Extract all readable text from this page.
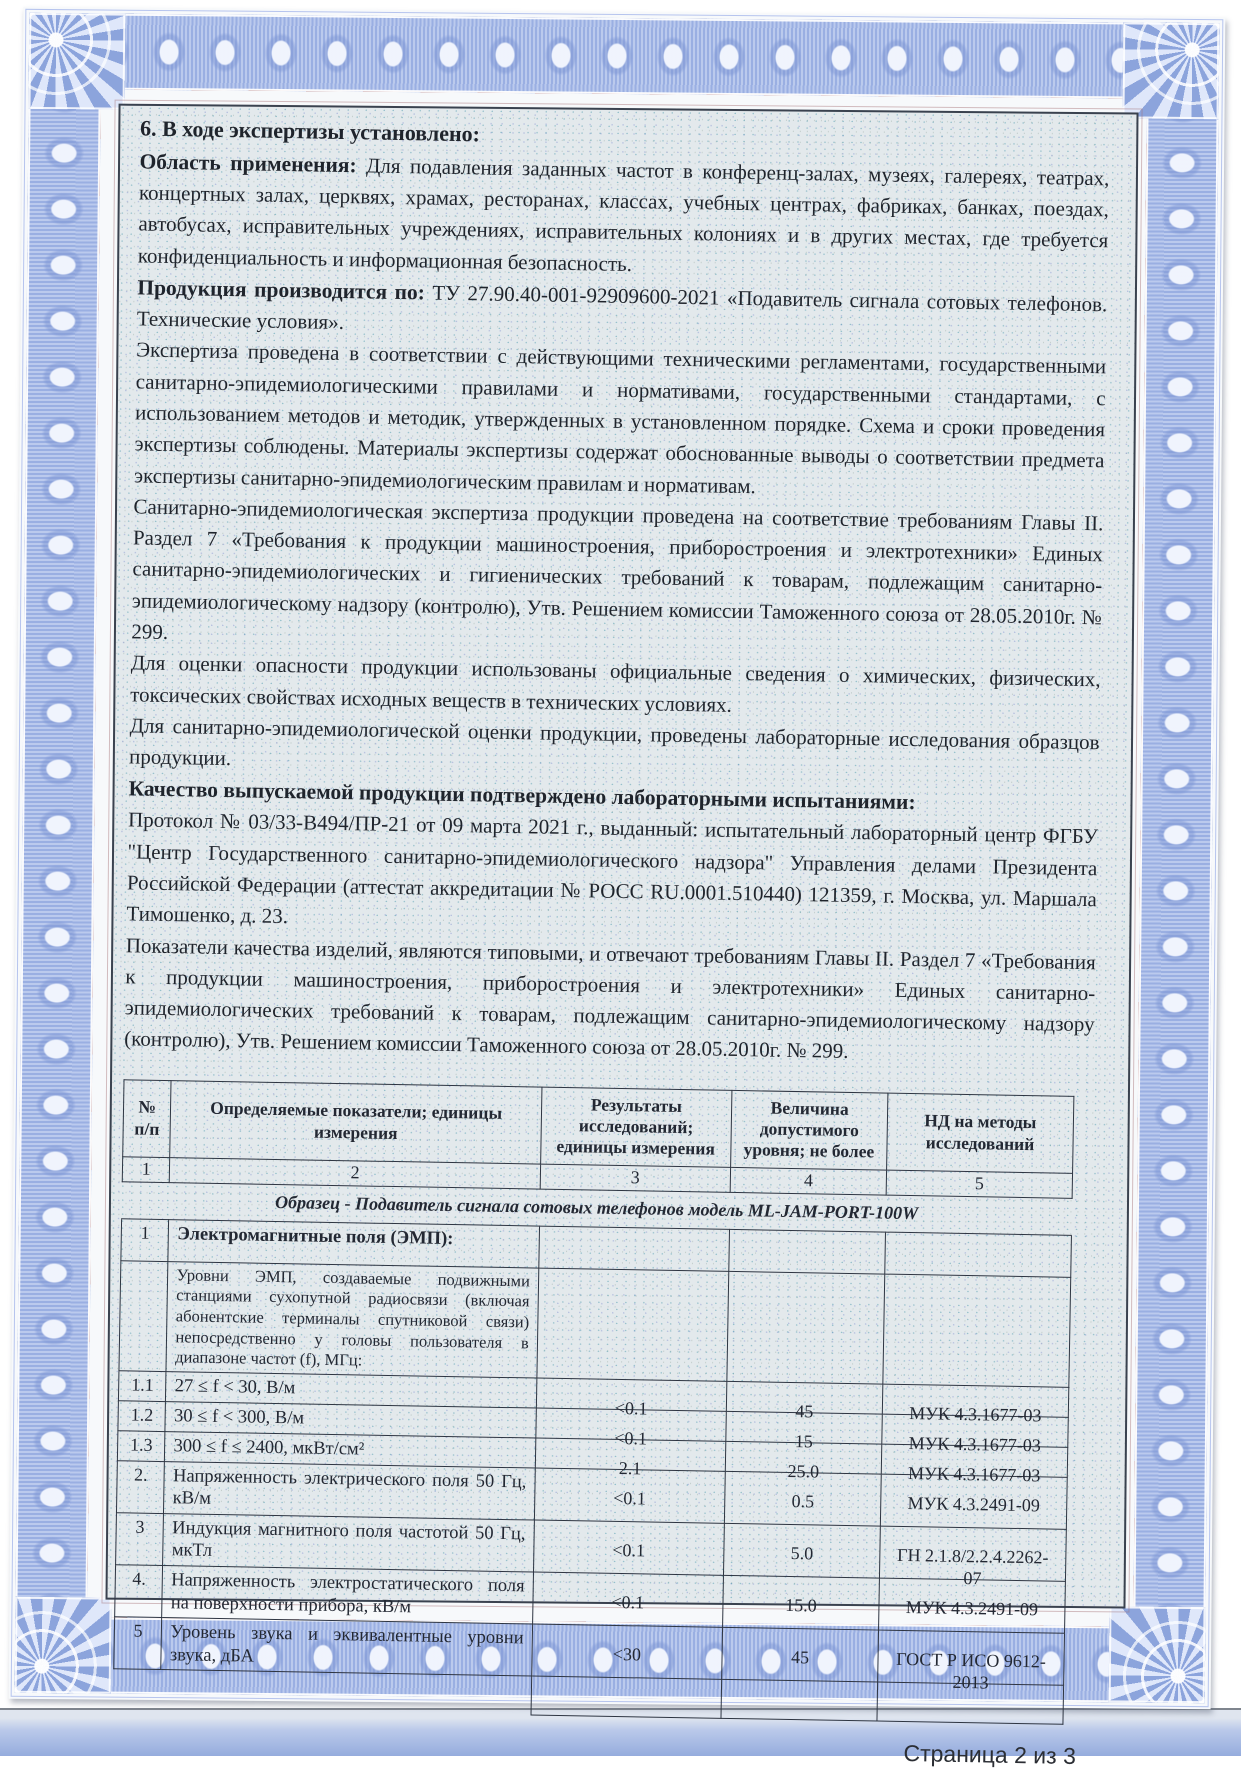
6. В ходе экспертизы установлено:

Область применения: Для подавления заданных частот в конференц-залах, музеях, галереях, театрах, концертных залах, церквях, храмах, ресторанах, классах, учебных центрах, фабриках, банках, поездах, автобусах, исправительных учреждениях, исправительных колониях и в других местах, где требуется конфиденциальность и информационная безопасность.

Продукция производится по: ТУ 27.90.40-001-92909600-2021 «Подавитель сигнала сотовых телефонов. Технические условия».

Экспертиза проведена в соответствии с действующими техническими регламентами, государственными санитарно-эпидемиологическими правилами и нормативами, государственными стандартами, с использованием методов и методик, утвержденных в установленном порядке. Схема и сроки проведения экспертизы соблюдены. Материалы экспертизы содержат обоснованные выводы о соответствии предмета экспертизы санитарно-эпидемиологическим правилам и нормативам.

Санитарно-эпидемиологическая экспертиза продукции проведена на соответствие требованиям Главы II. Раздел 7 «Требования к продукции машиностроения, приборостроения и электротехники» Единых санитарно-эпидемиологических и гигиенических требований к товарам, подлежащим санитарно-эпидемиологическому надзору (контролю), Утв. Решением комиссии Таможенного союза от 28.05.2010г. № 299.

Для оценки опасности продукции использованы официальные сведения о химических, физических, токсических свойствах исходных веществ в технических условиях.

Для санитарно-эпидемиологической оценки продукции, проведены лабораторные исследования образцов продукции.

Качество выпускаемой продукции подтверждено лабораторными испытаниями:

Протокол № 03/33-В494/ПР-21 от 09 марта 2021 г., выданный: испытательный лабораторный центр ФГБУ "Центр Государственного санитарно-эпидемиологического надзора" Управления делами Президента Российской Федерации (аттестат аккредитации № РОСС RU.0001.510440) 121359, г. Москва, ул. Маршала Тимошенко, д. 23.

Показатели качества изделий, являются типовыми, и отвечают требованиям Главы II. Раздел 7 «Требования к продукции машиностроения, приборостроения и электротехники» Единых санитарно-эпидемиологических требований к товарам, подлежащим санитарно-эпидемиологическому надзору (контролю), Утв. Решением комиссии Таможенного союза от 28.05.2010г. № 299.

№ п/п	Определяемые показатели; единицы измерения	Результаты исследований; единицы измерения	Величина допустимого уровня; не более	НД на методы исследований
1	2	3	4	5
Образец - Подавитель сигнала сотовых телефонов модель ML-JAM-PORT-100W				
1	Электромагнитные поля (ЭМП):			
	Уровни ЭМП, создаваемые подвижными станциями сухопутной радиосвязи (включая абонентские терминалы спутниковой связи) непосредственно у головы пользователя в диапазоне частот (f), МГц:			
1.1	27 ≤ f < 30, В/м	<0.1	45	МУК 4.3.1677-03
1.2	30 ≤ f < 300, В/м	<0.1	15	МУК 4.3.1677-03
1.3	300 ≤ f ≤ 2400, мкВт/см²	2.1	25.0	МУК 4.3.1677-03
2.	Напряженность электрического поля 50 Гц, кВ/м	<0.1	0.5	МУК 4.3.2491-09
3	Индукция магнитного поля частотой 50 Гц, мкТл	<0.1	5.0	ГН 2.1.8/2.2.4.2262-07
4.	Напряженность электростатического поля на поверхности прибора, кВ/м	<0.1	15.0	МУК 4.3.2491-09
5	Уровень звука и эквивалентные уровни звука, дБА	<30	45	ГОСТ Р ИСО 9612-2013

Страница 2 из 3
